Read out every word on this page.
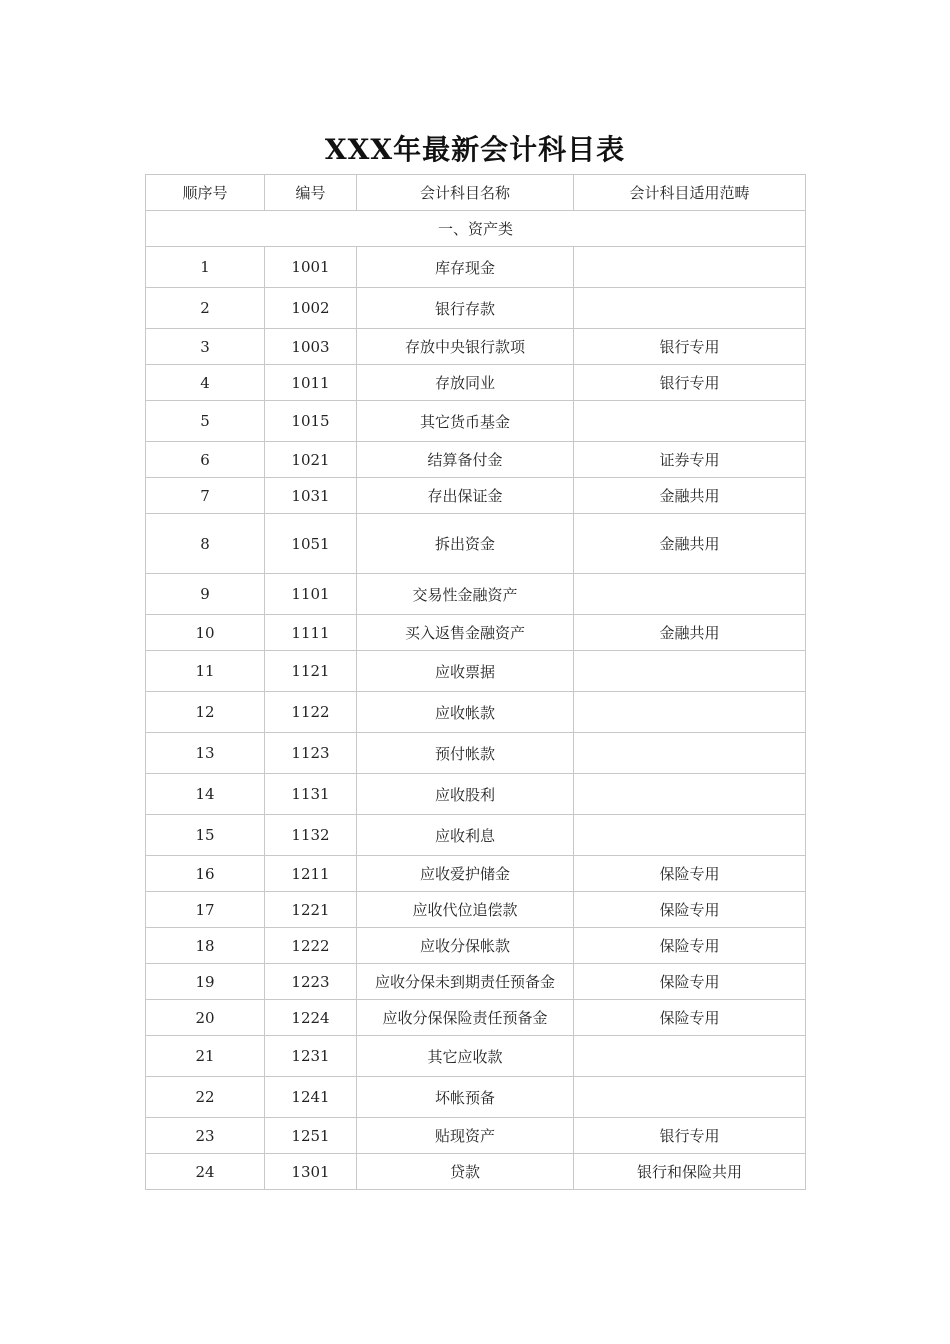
XXX年最新会计科目表
顺序号	编号	会计科目名称	会计科目适用范畴
一、资产类			
1	1001	库存现金	
2	1002	银行存款	
3	1003	存放中央银行款项	银行专用
4	1011	存放同业	银行专用
5	1015	其它货币基金	
6	1021	结算备付金	证券专用
7	1031	存出保证金	金融共用
8	1051	拆出资金	金融共用
9	1101	交易性金融资产	
10	1111	买入返售金融资产	金融共用
11	1121	应收票据	
12	1122	应收帐款	
13	1123	预付帐款	
14	1131	应收股利	
15	1132	应收利息	
16	1211	应收爱护储金	保险专用
17	1221	应收代位追偿款	保险专用
18	1222	应收分保帐款	保险专用
19	1223	应收分保未到期责任预备金	保险专用
20	1224	应收分保保险责任预备金	保险专用
21	1231	其它应收款	
22	1241	坏帐预备	
23	1251	贴现资产	银行专用
24	1301	贷款	银行和保险共用
